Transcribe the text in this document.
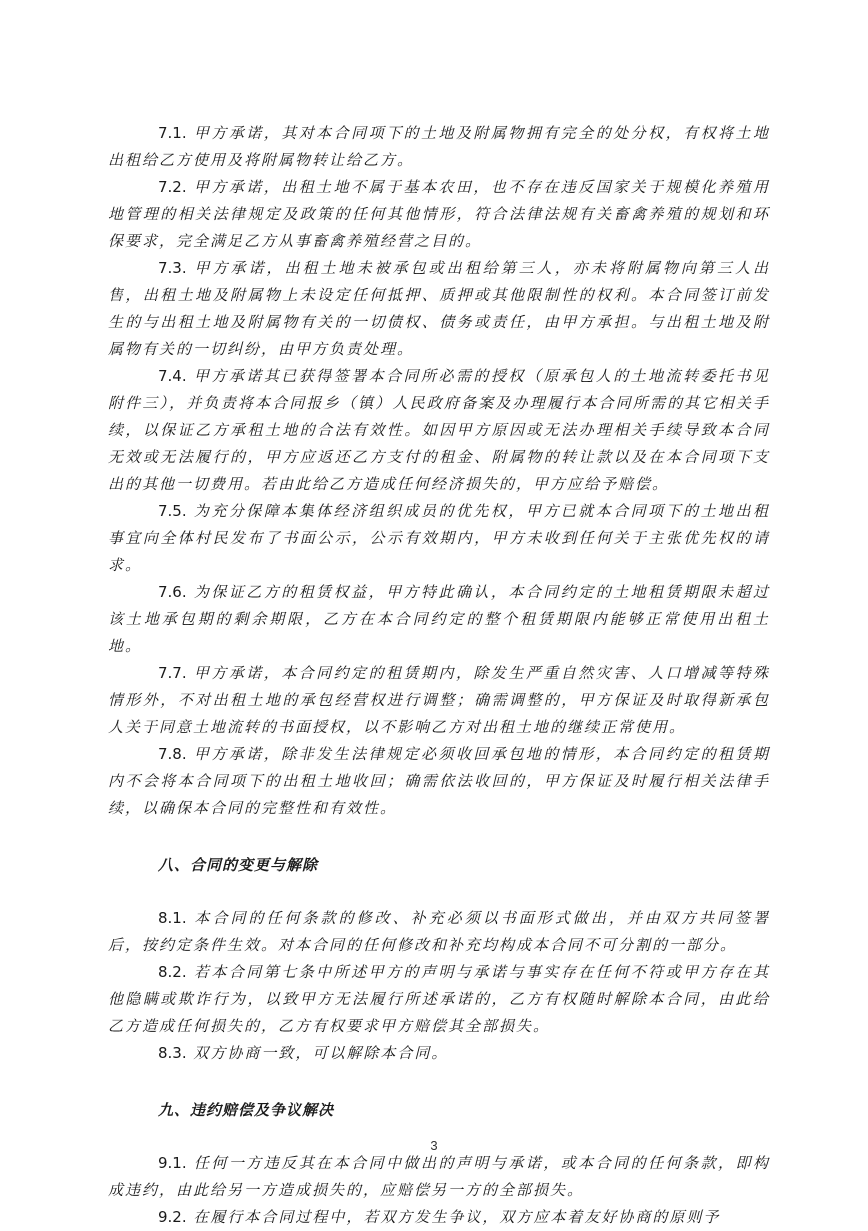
7.1. 甲方承诺，其对本合同项下的土地及附属物拥有完全的处分权，有权将土地出租给乙方使用及将附属物转让给乙方。

7.2. 甲方承诺，出租土地不属于基本农田，也不存在违反国家关于规模化养殖用地管理的相关法律规定及政策的任何其他情形，符合法律法规有关畜禽养殖的规划和环保要求，完全满足乙方从事畜禽养殖经营之目的。

7.3. 甲方承诺，出租土地未被承包或出租给第三人，亦未将附属物向第三人出售，出租土地及附属物上未设定任何抵押、质押或其他限制性的权利。本合同签订前发生的与出租土地及附属物有关的一切债权、债务或责任，由甲方承担。与出租土地及附属物有关的一切纠纷，由甲方负责处理。

7.4. 甲方承诺其已获得签署本合同所必需的授权（原承包人的土地流转委托书见附件三），并负责将本合同报乡（镇）人民政府备案及办理履行本合同所需的其它相关手续，以保证乙方承租土地的合法有效性。如因甲方原因或无法办理相关手续导致本合同无效或无法履行的，甲方应返还乙方支付的租金、附属物的转让款以及在本合同项下支出的其他一切费用。若由此给乙方造成任何经济损失的，甲方应给予赔偿。

7.5. 为充分保障本集体经济组织成员的优先权，甲方已就本合同项下的土地出租事宜向全体村民发布了书面公示，公示有效期内，甲方未收到任何关于主张优先权的请求。

7.6. 为保证乙方的租赁权益，甲方特此确认，本合同约定的土地租赁期限未超过该土地承包期的剩余期限，乙方在本合同约定的整个租赁期限内能够正常使用出租土地。

7.7. 甲方承诺，本合同约定的租赁期内，除发生严重自然灾害、人口增减等特殊情形外，不对出租土地的承包经营权进行调整；确需调整的，甲方保证及时取得新承包人关于同意土地流转的书面授权，以不影响乙方对出租土地的继续正常使用。

7.8. 甲方承诺，除非发生法律规定必须收回承包地的情形，本合同约定的租赁期内不会将本合同项下的出租土地收回；确需依法收回的，甲方保证及时履行相关法律手续，以确保本合同的完整性和有效性。

八、合同的变更与解除

8.1. 本合同的任何条款的修改、补充必须以书面形式做出，并由双方共同签署后，按约定条件生效。对本合同的任何修改和补充均构成本合同不可分割的一部分。

8.2. 若本合同第七条中所述甲方的声明与承诺与事实存在任何不符或甲方存在其他隐瞒或欺诈行为，以致甲方无法履行所述承诺的，乙方有权随时解除本合同，由此给乙方造成任何损失的，乙方有权要求甲方赔偿其全部损失。

8.3. 双方协商一致，可以解除本合同。

九、违约赔偿及争议解决

9.1. 任何一方违反其在本合同中做出的声明与承诺，或本合同的任何条款，即构成违约，由此给另一方造成损失的，应赔偿另一方的全部损失。

9.2. 在履行本合同过程中，若双方发生争议，双方应本着友好协商的原则予

3
